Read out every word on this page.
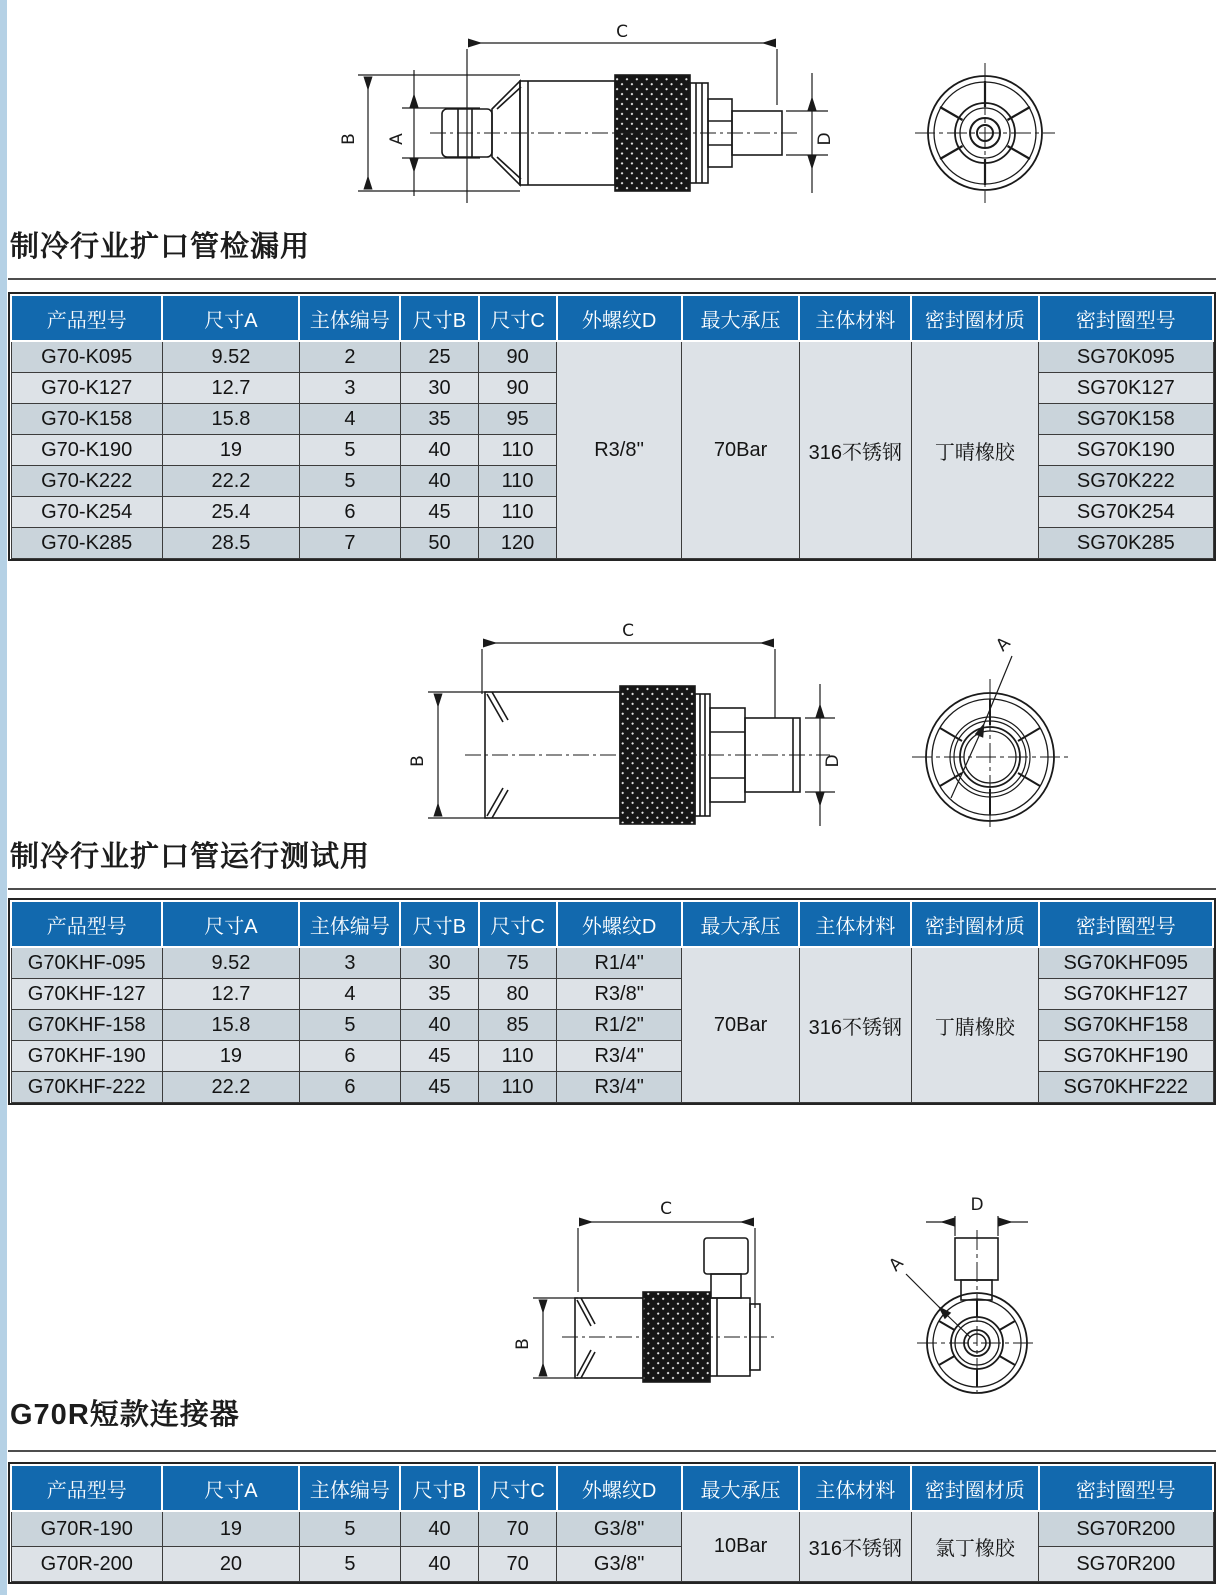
C
B A	D
制冷行业扩口管检漏用
产品型号	尺寸A	主体编号	尺寸B	尺寸C	外螺纹D	最大承压	主体材料	密封圈材质	密封圈型号
G70-K095	9.52	2	25	90	R3/8''	70Bar	316不锈钢	丁晴橡胶	SG70K095
G70-K127	12.7	3	30	90					SG70K127
G70-K158	15.8	4	35	95					SG70K158
G70-K190	19	5	40	110					SG70K190
G70-K222	22.2	5	40	110					SG70K222
G70-K254	25.4	6	45	110					SG70K254
G70-K285	28.5	7	50	120					SG70K285
C
B	D
A
制冷行业扩口管运行测试用
产品型号	尺寸A	主体编号	尺寸B	尺寸C	外螺纹D	最大承压	主体材料	密封圈材质	密封圈型号
G70KHF-095	9.52	3	30	75	R1/4"	70Bar	316不锈钢	丁腈橡胶	SG70KHF095
G70KHF-127	12.7	4	35	80	R3/8"				SG70KHF127
G70KHF-158	15.8	5	40	85	R1/2"				SG70KHF158
G70KHF-190	19	6	45	110	R3/4"				SG70KHF190
G70KHF-222	22.2	6	45	110	R3/4"				SG70KHF222
C
B
D
A
G70R短款连接器
产品型号	尺寸A	主体编号	尺寸B	尺寸C	外螺纹D	最大承压	主体材料	密封圈材质	密封圈型号
G70R-190	19	5	40	70	G3/8"	10Bar	316不锈钢	氯丁橡胶	SG70R200
G70R-200	20	5	40	70	G3/8"				SG70R200
